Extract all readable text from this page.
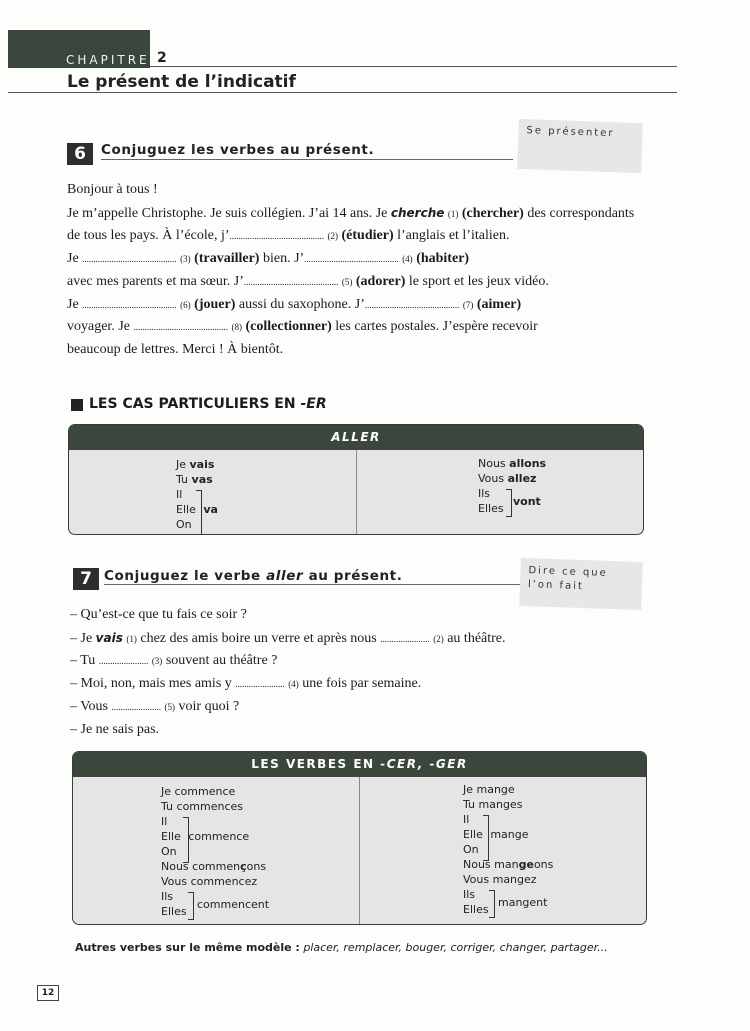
CHAPITRE 2
Le présent de l’indicatif
6	Conjuguez les verbes au présent.
Se présenter

Bonjour à tous !

Je m’appelle Christophe. Je suis collégien. J’ai 14 ans. Je cherche (1) (chercher) des correspondants

de tous les pays. À l’école, j’.......................................... (2) (étudier) l’anglais et l’italien.

Je .......................................... (3) (travailler) bien. J’.......................................... (4) (habiter)

avec mes parents et ma sœur. J’.......................................... (5) (adorer) le sport et les jeux vidéo.

Je .......................................... (6) (jouer) aussi du saxophone. J’.......................................... (7) (aimer)

voyager. Je .......................................... (8) (collectionner) les cartes postales. J’espère recevoir

beaucoup de lettres. Merci ! À bientôt.

LES CAS PARTICULIERS EN -ER
ALLER
Je vais
Tu vas
Il
Elle va
On
Nous allons
Vous allez
Ils
Elles
vont
7 Conjuguez le verbe aller au présent.	Dire ce que l’on fait

– Qu’est-ce que tu fais ce soir ?

– Je vais (1) chez des amis boire un verre et après nous ...................... (2) au théâtre.

– Tu ...................... (3) souvent au théâtre ?

– Moi, non, mais mes amis y ...................... (4) une fois par semaine.

– Vous ...................... (5) voir quoi ?

– Je ne sais pas.

LES VERBES EN -CER, -GER
Je commence
Tu commences
Il
Elle commence
On
Nous commençons
Vous commencez
Ils
Elles
commencent
Je mange
Tu manges
Il
Elle mange
On
Nous mangeons
Vous mangez
Ils
Elles
mangent
Autres verbes sur le même modèle : placer, remplacer, bouger, corriger, changer, partager...
12
